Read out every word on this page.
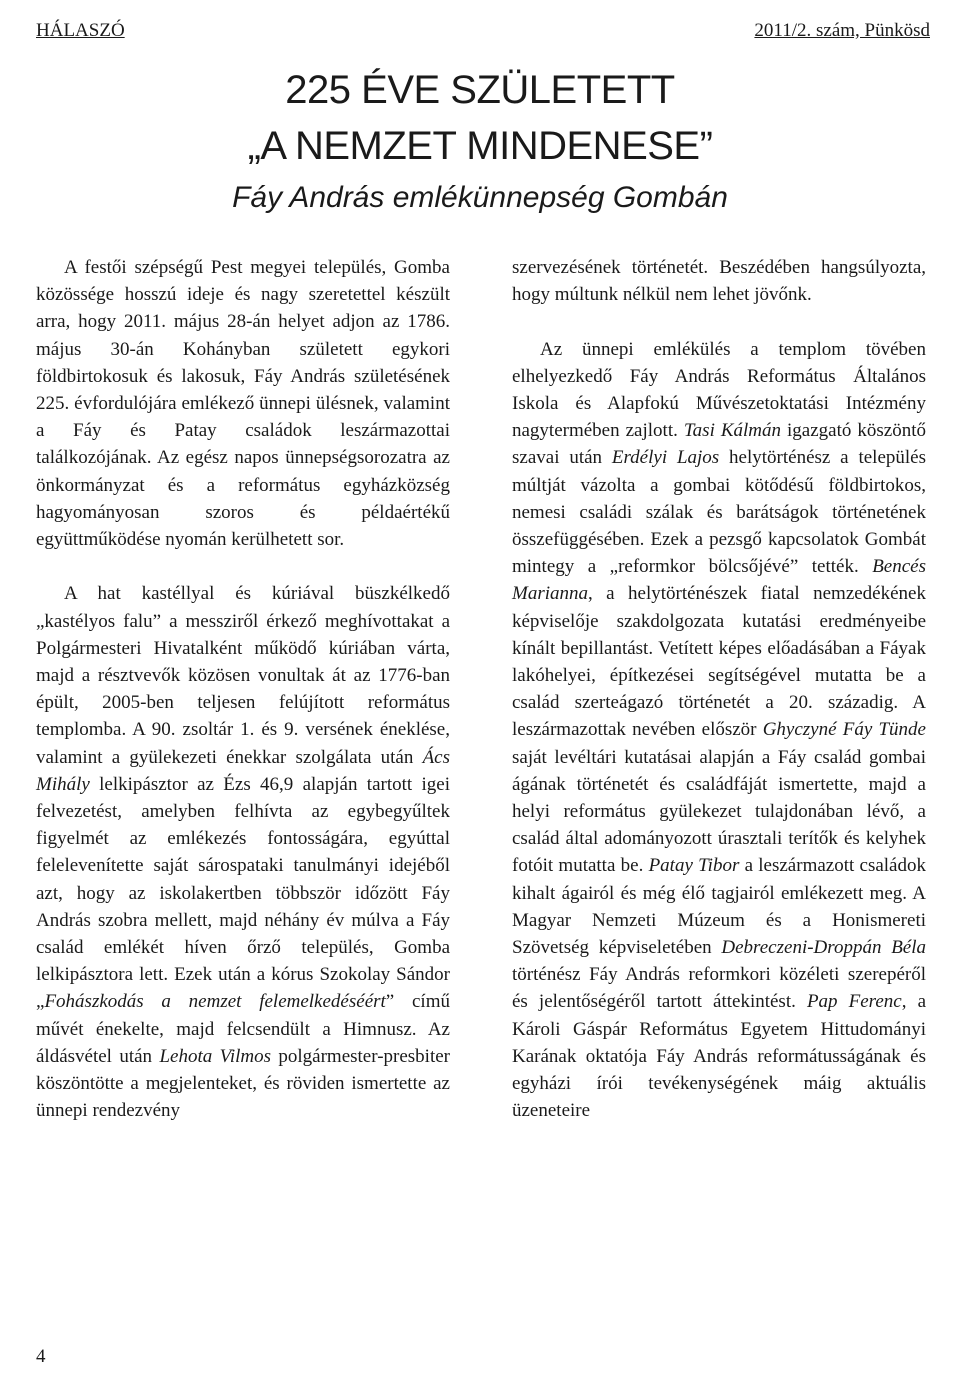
HÁLASZÓ	2011/2. szám, Pünkösd
225 ÉVE SZÜLETETT
„A NEMZET MINDENESE”
Fáy András emlékünnepség Gombán

A festői szépségű Pest megyei település, Gomba közössége hosszú ideje és nagy szeretettel készült arra, hogy 2011. május 28-án helyet adjon az 1786. május 30-án Kohányban született egykori földbirtokosuk és lakosuk, Fáy András születésének 225. évfordulójára emlékező ünnepi ülésnek, valamint a Fáy és Patay családok leszármazottai találkozójának. Az egész napos ünnepségsorozatra az önkormányzat és a református egyházközség hagyományosan szoros és példaértékű együttműködése nyomán kerülhetett sor.

A hat kastéllyal és kúriával büszkélkedő „kastélyos falu” a messziről érkező meghívottakat a Polgármesteri Hivatalként működő kúriában várta, majd a résztvevők közösen vonultak át az 1776-ban épült, 2005-ben teljesen felújított református templomba. A 90. zsoltár 1. és 9. versének éneklése, valamint a gyülekezeti énekkar szolgálata után Ács Mihály lelkipásztor az Ézs 46,9 alapján tartott igei felvezetést, amelyben felhívta az egybegyűltek figyelmét az emlékezés fontosságára, egyúttal felelevenítette saját sárospataki tanulmányi idejéből azt, hogy az iskolakertben többször időzött Fáy András szobra mellett, majd néhány év múlva a Fáy család emlékét híven őrző település, Gomba lelkipásztora lett. Ezek után a kórus Szokolay Sándor „Fohászkodás a nemzet felemelkedéséért” című művét énekelte, majd felcsendült a Himnusz. Az áldásvétel után Lehota Vilmos polgármester-presbiter köszöntötte a megjelenteket, és röviden ismertette az ünnepi rendezvény

szervezésének történetét. Beszédében hangsúlyozta, hogy múltunk nélkül nem lehet jövőnk.

Az ünnepi emlékülés a templom tövében elhelyezkedő Fáy András Református Általános Iskola és Alapfokú Művészetoktatási Intézmény nagytermében zajlott. Tasi Kálmán igazgató köszöntő szavai után Erdélyi Lajos helytörténész a település múltját vázolta a gombai kötődésű földbirtokos, nemesi családi szálak és barátságok történetének összefüggésében. Ezek a pezsgő kapcsolatok Gombát mintegy a „reformkor bölcsőjévé” tették. Bencés Marianna, a helytörténészek fiatal nemzedékének képviselője szakdolgozata kutatási eredményeibe kínált bepillantást. Vetített képes előadásában a Fáyak lakóhelyei, építkezései segítségével mutatta be a család szerteágazó történetét a 20. századig. A leszármazottak nevében először Ghyczyné Fáy Tünde saját levéltári kutatásai alapján a Fáy család gombai ágának történetét és családfáját ismertette, majd a helyi református gyülekezet tulajdonában lévő, a család által adományozott úrasztali terítők és kelyhek fotóit mutatta be. Patay Tibor a leszármazott családok kihalt ágairól és még élő tagjairól emlékezett meg. A Magyar Nemzeti Múzeum és a Honismereti Szövetség képviseletében Debreczeni-Droppán Béla történész Fáy András reformkori közéleti szerepéről és jelentőségéről tartott áttekintést. Pap Ferenc, a Károli Gáspár Református Egyetem Hittudományi Karának oktatója Fáy András reformátusságának és egyházi írói tevékenységének máig aktuális üzeneteire

4
